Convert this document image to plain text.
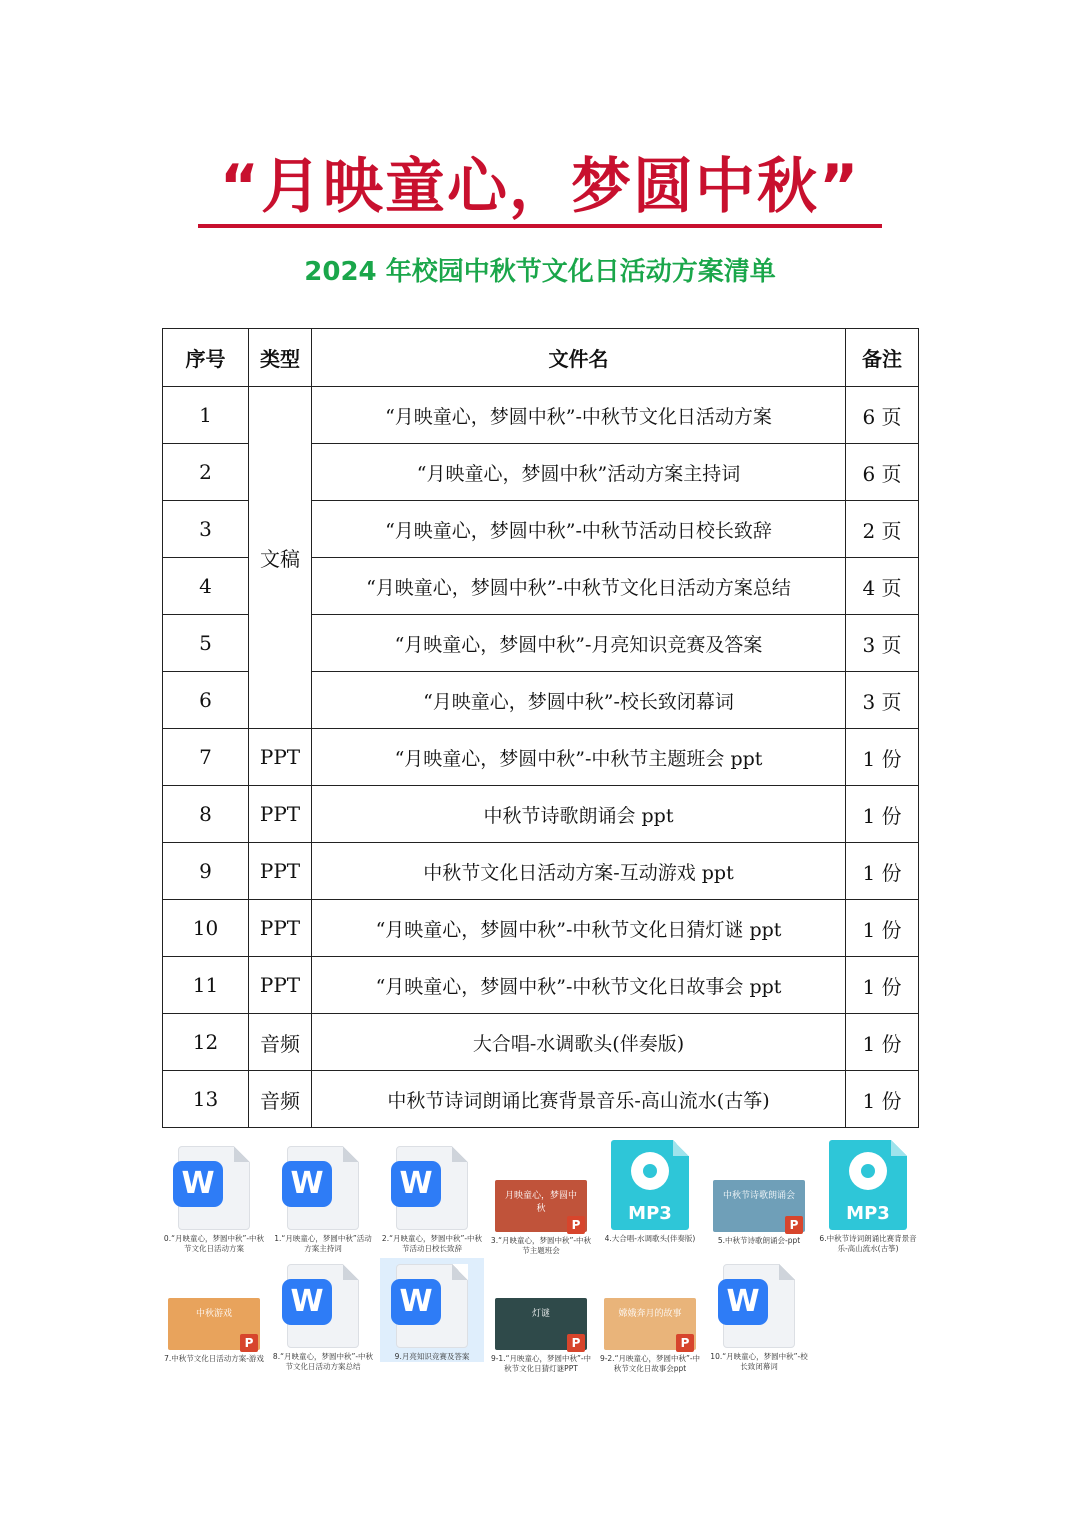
“月映童心，梦圆中秋”
2024 年校园中秋节文化日活动方案清单
序号	类型	文件名	备注
1	文稿	“月映童心，梦圆中秋”-中秋节文化日活动方案	6 页
2		“月映童心，梦圆中秋”活动方案主持词	6 页
3		“月映童心，梦圆中秋”-中秋节活动日校长致辞	2 页
4		“月映童心，梦圆中秋”-中秋节文化日活动方案总结	4 页
5		“月映童心，梦圆中秋”-月亮知识竞赛及答案	3 页
6		“月映童心，梦圆中秋”-校长致闭幕词	3 页
7	PPT	“月映童心，梦圆中秋”-中秋节主题班会 ppt	1 份
8	PPT	中秋节诗歌朗诵会 ppt	1 份
9	PPT	中秋节文化日活动方案-互动游戏 ppt	1 份
10	PPT	“月映童心，梦圆中秋”-中秋节文化日猜灯谜 ppt	1 份
11	PPT	“月映童心，梦圆中秋”-中秋节文化日故事会 ppt	1 份
12	音频	大合唱-水调歌头(伴奏版)	1 份
13	音频	中秋节诗词朗诵比赛背景音乐-高山流水(古筝)	1 份
W
0.“月映童心，梦圆中秋”-中秋节文化日活动方案
W
1.“月映童心，梦圆中秋”活动方案主持词
W
2.“月映童心，梦圆中秋”-中秋节活动日校长致辞
月映童心，梦圆中秋
P
3.“月映童心，梦圆中秋”-中秋节主题班会
MP3
4.大合唱-水调歌头(伴奏版)
中秋节诗歌朗诵会
P
5.中秋节诗歌朗诵会-ppt
MP3
6.中秋节诗词朗诵比赛背景音乐-高山流水(古筝)
中秋游戏
P
7.中秋节文化日活动方案-游戏
W
8.“月映童心，梦圆中秋”-中秋节文化日活动方案总结
W
9.月亮知识竞赛及答案
灯谜
P
9-1.“月映童心，梦圆中秋”-中秋节文化日猜灯谜PPT
嫦娥奔月的故事
P
9-2.“月映童心，梦圆中秋”-中秋节文化日故事会ppt
W
10.“月映童心，梦圆中秋”-校长致闭幕词
